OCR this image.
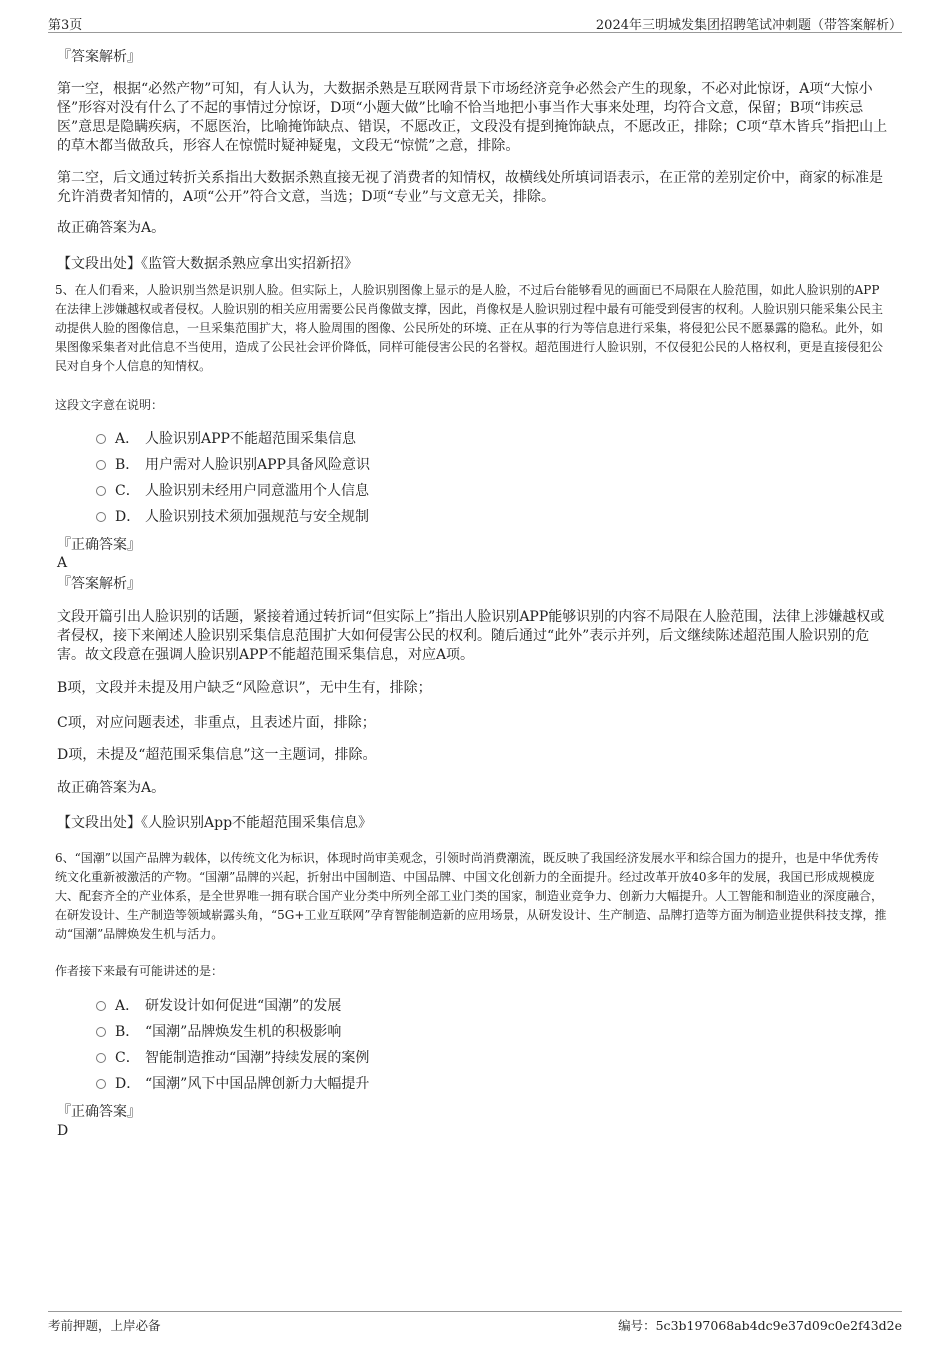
第3页	2024年三明城发集团招聘笔试冲刺题（带答案解析）
『答案解析』
第一空，根据“必然产物”可知，有人认为，大数据杀熟是互联网背景下市场经济竞争必然会产生的现象，不必对此惊讶，A项“大惊小怪”形容对没有什么了不起的事情过分惊讶，D项“小题大做”比喻不恰当地把小事当作大事来处理，均符合文意，保留；B项“讳疾忌医”意思是隐瞒疾病，不愿医治，比喻掩饰缺点、错误，不愿改正，文段没有提到掩饰缺点，不愿改正，排除；C项“草木皆兵”指把山上的草木都当做敌兵，形容人在惊慌时疑神疑鬼，文段无“惊慌”之意，排除。
第二空，后文通过转折关系指出大数据杀熟直接无视了消费者的知情权，故横线处所填词语表示，在正常的差别定价中，商家的标准是允许消费者知情的，A项“公开”符合文意，当选；D项“专业”与文意无关，排除。
故正确答案为A。
【文段出处】《监管大数据杀熟应拿出实招新招》
5、在人们看来，人脸识别当然是识别人脸。但实际上，人脸识别图像上显示的是人脸，不过后台能够看见的画面已不局限在人脸范围，如此人脸识别的APP在法律上涉嫌越权或者侵权。人脸识别的相关应用需要公民肖像做支撑，因此，肖像权是人脸识别过程中最有可能受到侵害的权利。人脸识别只能采集公民主动提供人脸的图像信息，一旦采集范围扩大，将人脸周围的图像、公民所处的环境、正在从事的行为等信息进行采集，将侵犯公民不愿暴露的隐私。此外，如果图像采集者对此信息不当使用，造成了公民社会评价降低，同样可能侵害公民的名誉权。超范围进行人脸识别，不仅侵犯公民的人格权利，更是直接侵犯公民对自身个人信息的知情权。
这段文字意在说明：
A． 人脸识别APP不能超范围采集信息
B． 用户需对人脸识别APP具备风险意识
C． 人脸识别未经用户同意滥用个人信息
D． 人脸识别技术须加强规范与安全规制
『正确答案』
A
『答案解析』
文段开篇引出人脸识别的话题，紧接着通过转折词“但实际上”指出人脸识别APP能够识别的内容不局限在人脸范围，法律上涉嫌越权或者侵权，接下来阐述人脸识别采集信息范围扩大如何侵害公民的权利。随后通过“此外”表示并列，后文继续陈述超范围人脸识别的危害。故文段意在强调人脸识别APP不能超范围采集信息，对应A项。
B项，文段并未提及用户缺乏“风险意识”，无中生有，排除；
C项，对应问题表述，非重点，且表述片面，排除；
D项，未提及“超范围采集信息”这一主题词，排除。
故正确答案为A。
【文段出处】《人脸识别App不能超范围采集信息》
6、“国潮”以国产品牌为载体，以传统文化为标识，体现时尚审美观念，引领时尚消费潮流，既反映了我国经济发展水平和综合国力的提升，也是中华优秀传统文化重新被激活的产物。“国潮”品牌的兴起，折射出中国制造、中国品牌、中国文化创新力的全面提升。经过改革开放40多年的发展，我国已形成规模庞大、配套齐全的产业体系，是全世界唯一拥有联合国产业分类中所列全部工业门类的国家，制造业竞争力、创新力大幅提升。人工智能和制造业的深度融合，在研发设计、生产制造等领域崭露头角，“5G+工业互联网”孕育智能制造新的应用场景，从研发设计、生产制造、品牌打造等方面为制造业提供科技支撑，推动“国潮”品牌焕发生机与活力。
作者接下来最有可能讲述的是：
A． 研发设计如何促进“国潮”的发展
B． “国潮”品牌焕发生机的积极影响
C． 智能制造推动“国潮”持续发展的案例
D． “国潮”风下中国品牌创新力大幅提升
『正确答案』
D
考前押题，上岸必备	编号：5c3b197068ab4dc9e37d09c0e2f43d2e
